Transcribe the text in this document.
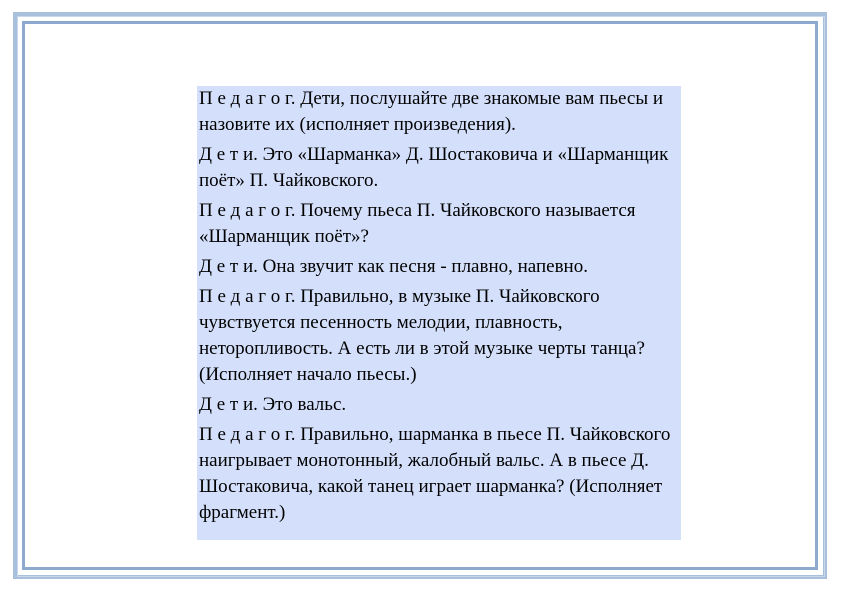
П е д а г о г. Дети, послушайте две знакомые вам пьесы и назовите их (исполняет произведения).

Д е т и. Это «Шарманка» Д. Шостаковича и «Шарманщик поёт» П. Чайковского.

П е д а г о г. Почему пьеса П. Чайковского называется «Шарманщик поёт»?

Д е т и. Она звучит как песня - плавно, напевно.

П е д а г о г. Правильно, в музыке П. Чайковского чувствуется песенность мелодии, плавность, неторопливость. А есть ли в этой музыке черты танца? (Исполняет начало пьесы.)

Д е т и. Это вальс.

П е д а г о г. Правильно, шарманка в пьесе П. Чайковского наигрывает монотонный, жалобный вальс. А в пьесе Д. Шостаковича, какой танец играет шарманка? (Исполняет фрагмент.)
